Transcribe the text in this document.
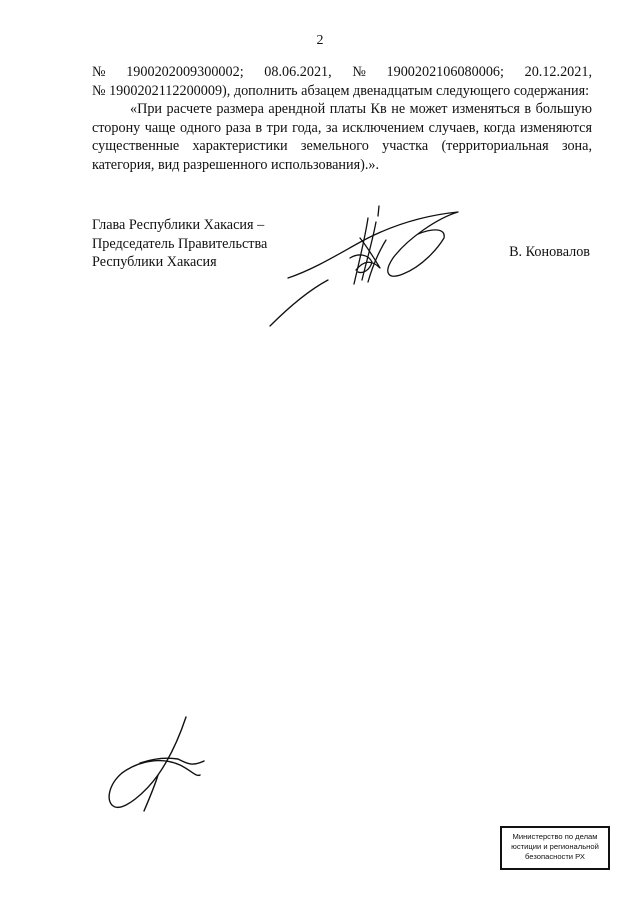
2
№ 1900202009300002; 08.06.2021, № 1900202106080006; 20.12.2021,
№ 1900202112200009), дополнить абзацем двенадцатым следующего содержания:
«При расчете размера арендной платы Кв не может изменяться в большую
сторону чаще одного раза в три года, за исключением случаев, когда изменяются
существенные характеристики земельного участка (территориальная зона,
категория, вид разрешенного использования).».
Глава Республики Хакасия –
Председатель Правительства
Республики Хакасия
В. Коновалов
Министерство по делам
юстиции и региональной
безопасности РХ
